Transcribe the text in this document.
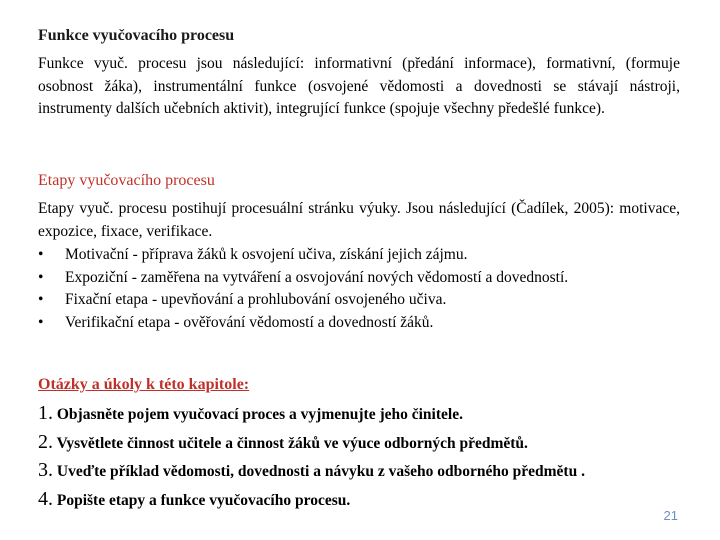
Funkce vyučovacího procesu

Funkce vyuč. procesu jsou následující: informativní (předání informace), formativní, (formuje osobnost žáka), instrumentální funkce (osvojené vědomosti a dovednosti se stávají nástroji, instrumenty dalších učebních aktivit), integrující funkce (spojuje všechny předešlé funkce).

Etapy vyučovacího procesu

Etapy vyuč. procesu postihují procesuální stránku výuky. Jsou následující (Čadílek, 2005): motivace, expozice, fixace, verifikace.

• Motivační - příprava žáků k osvojení učiva, získání jejich zájmu.
• Expoziční - zaměřena na vytváření a osvojování nových vědomostí a dovedností.
• Fixační etapa - upevňování a prohlubování osvojeného učiva.
• Verifikační etapa - ověřování vědomostí a dovedností žáků.
Otázky a úkoly k této kapitole:
1. Objasněte pojem vyučovací proces a vyjmenujte jeho činitele.
2. Vysvětlete činnost učitele a činnost žáků ve výuce odborných předmětů.
3. Uveďte příklad vědomosti, dovednosti a návyku z vašeho odborného předmětu .
4. Popište etapy a funkce vyučovacího procesu.
21
